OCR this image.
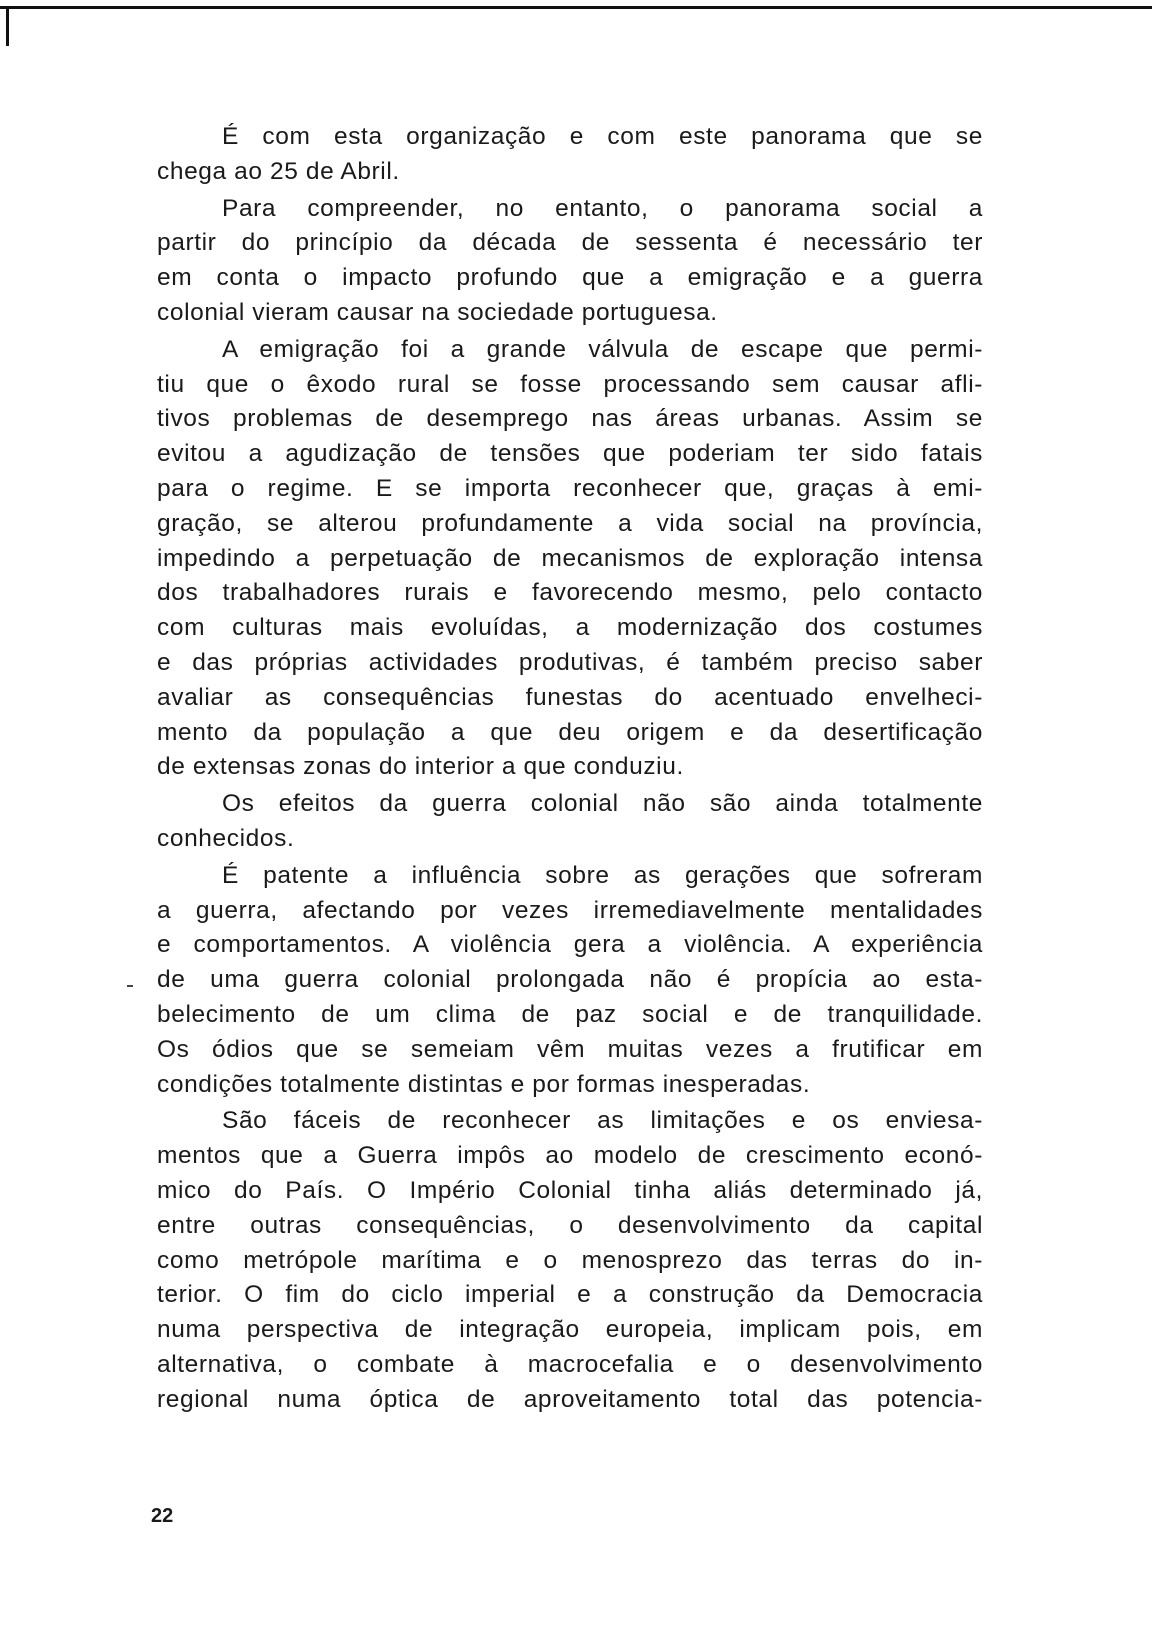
É com esta organização e com este panorama que se
chega ao 25 de Abril.
Para compreender, no entanto, o panorama social a
partir do princípio da década de sessenta é necessário ter
em conta o impacto profundo que a emigração e a guerra
colonial vieram causar na sociedade portuguesa.
A emigração foi a grande válvula de escape que permi-
tiu que o êxodo rural se fosse processando sem causar afli-
tivos problemas de desemprego nas áreas urbanas. Assim se
evitou a agudização de tensões que poderiam ter sido fatais
para o regime. E se importa reconhecer que, graças à emi-
gração, se alterou profundamente a vida social na província,
impedindo a perpetuação de mecanismos de exploração intensa
dos trabalhadores rurais e favorecendo mesmo, pelo contacto
com culturas mais evoluídas, a modernização dos costumes
e das próprias actividades produtivas, é também preciso saber
avaliar as consequências funestas do acentuado envelheci-
mento da população a que deu origem e da desertificação
de extensas zonas do interior a que conduziu.
Os efeitos da guerra colonial não são ainda totalmente
conhecidos.
É patente a influência sobre as gerações que sofreram
a guerra, afectando por vezes irremediavelmente mentalidades
e comportamentos. A violência gera a violência. A experiência
de uma guerra colonial prolongada não é propícia ao esta-
belecimento de um clima de paz social e de tranquilidade.
Os ódios que se semeiam vêm muitas vezes a frutificar em
condições totalmente distintas e por formas inesperadas.
São fáceis de reconhecer as limitações e os enviesa-
mentos que a Guerra impôs ao modelo de crescimento econó-
mico do País. O Império Colonial tinha aliás determinado já,
entre outras consequências, o desenvolvimento da capital
como metrópole marítima e o menosprezo das terras do in-
terior. O fim do ciclo imperial e a construção da Democracia
numa perspectiva de integração europeia, implicam pois, em
alternativa, o combate à macrocefalia e o desenvolvimento
regional numa óptica de aproveitamento total das potencia-
22
